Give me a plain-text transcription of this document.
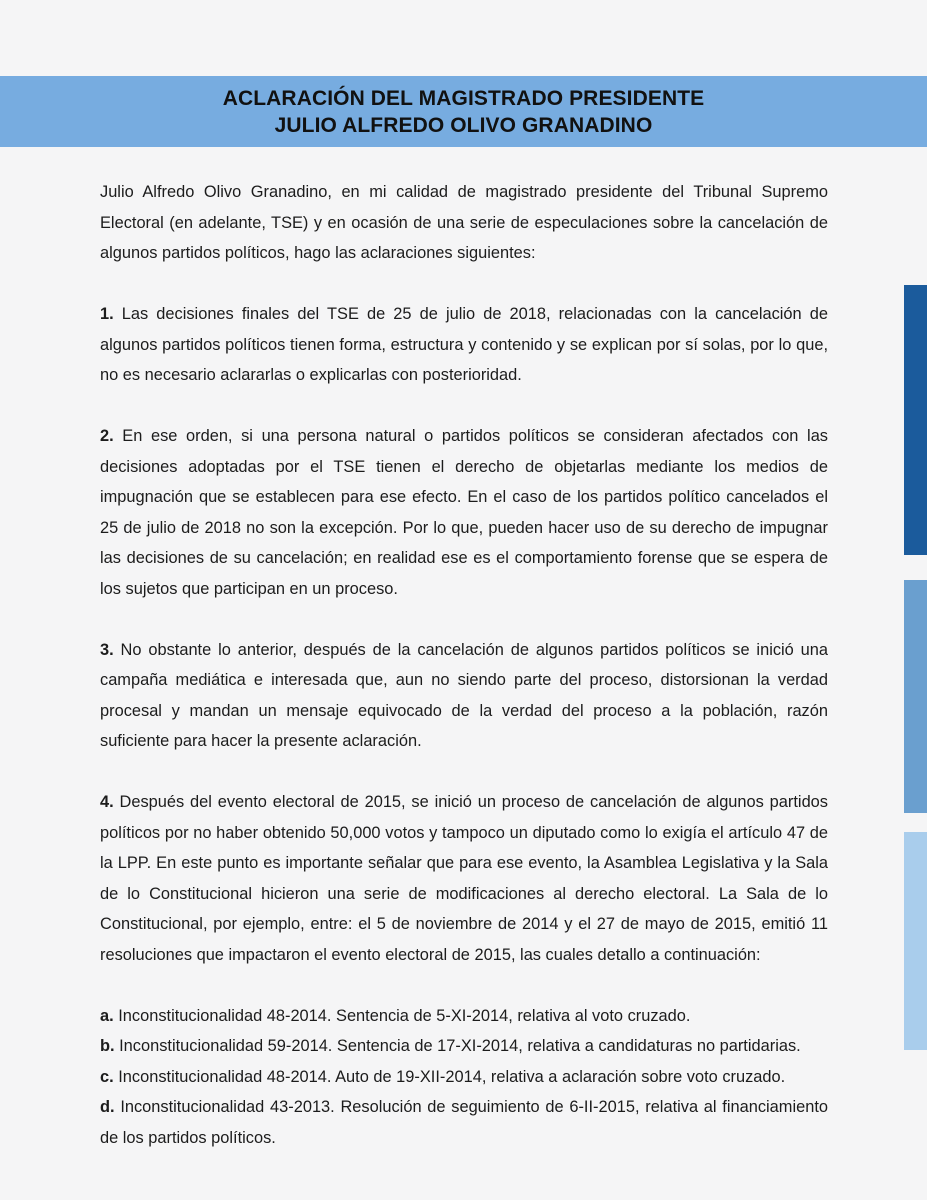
ACLARACIÓN DEL MAGISTRADO PRESIDENTE
JULIO ALFREDO OLIVO GRANADINO

Julio Alfredo Olivo Granadino, en mi calidad de magistrado presidente del Tribunal Supremo Electoral (en adelante, TSE) y en ocasión de una serie de especulaciones sobre la cancelación de algunos partidos políticos, hago las aclaraciones siguientes:

1. Las decisiones finales del TSE de 25 de julio de 2018, relacionadas con la cancelación de algunos partidos políticos tienen forma, estructura y contenido y se explican por sí solas, por lo que, no es necesario aclararlas o explicarlas con posterioridad.

2. En ese orden, si una persona natural o partidos políticos se consideran afectados con las decisiones adoptadas por el TSE tienen el derecho de objetarlas mediante los medios de impugnación que se establecen para ese efecto. En el caso de los partidos político cancelados el 25 de julio de 2018 no son la excepción. Por lo que, pueden hacer uso de su derecho de impugnar las decisiones de su cancelación; en realidad ese es el comportamiento forense que se espera de los sujetos que participan en un proceso.

3. No obstante lo anterior, después de la cancelación de algunos partidos políticos se inició una campaña mediática e interesada que, aun no siendo parte del proceso, distorsionan la verdad procesal y mandan un mensaje equivocado de la verdad del proceso a la población, razón suficiente para hacer la presente aclaración.

4. Después del evento electoral de 2015, se inició un proceso de cancelación de algunos partidos políticos por no haber obtenido 50,000 votos y tampoco un diputado como lo exigía el artículo 47 de la LPP. En este punto es importante señalar que para ese evento, la Asamblea Legislativa y la Sala de lo Constitucional hicieron una serie de modificaciones al derecho electoral. La Sala de lo Constitucional, por ejemplo, entre: el 5 de noviembre de 2014 y el 27 de mayo de 2015, emitió 11 resoluciones que impactaron el evento electoral de 2015, las cuales detallo a continuación:

a. Inconstitucionalidad 48-2014. Sentencia de 5-XI-2014, relativa al voto cruzado.

b. Inconstitucionalidad 59-2014. Sentencia de 17-XI-2014, relativa a candidaturas no partidarias.

c. Inconstitucionalidad 48-2014. Auto de 19-XII-2014, relativa a aclaración sobre voto cruzado.

d. Inconstitucionalidad 43-2013. Resolución de seguimiento de 6-II-2015, relativa al financiamiento de los partidos políticos.
